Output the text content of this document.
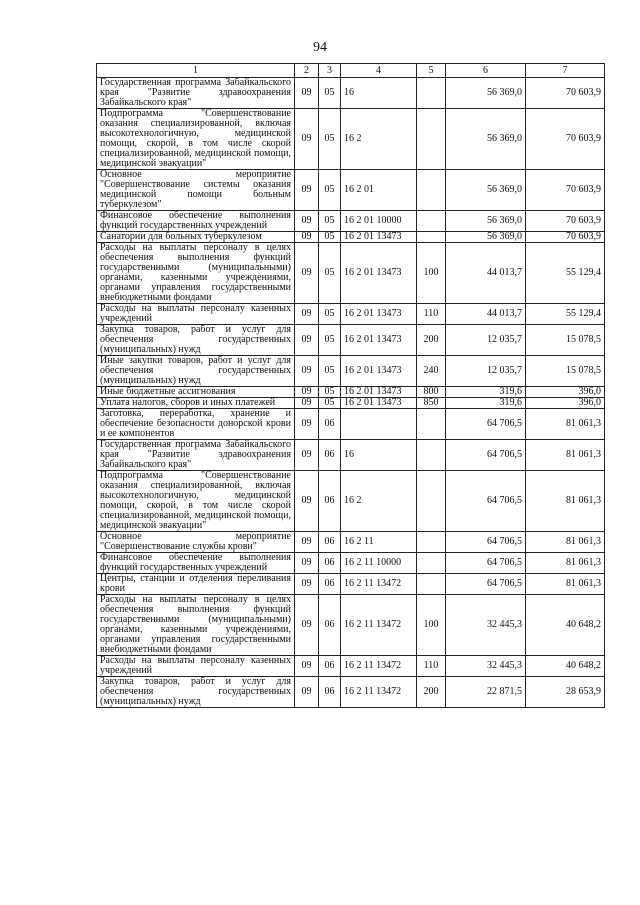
94
1	2	3	4	5	6	7
Государственная программа Забайкальского края "Развитие здравоохранения Забайкальского края"	09	05	16		56 369,0	70 603,9
Подпрограмма "Совершенствование оказания специализированной, включая высокотехнологичную, медицинской помощи, скорой, в том числе скорой специализированной, медицинской помощи, медицинской эвакуации"	09	05	16 2		56 369,0	70 603,9
Основное мероприятие "Совершенствование системы оказания медицинской помощи больным туберкулезом"	09	05	16 2 01		56 369,0	70 603,9
Финансовое обеспечение выполнения функций государственных учреждений	09	05	16 2 01 10000		56 369,0	70 603,9
Санатории для больных туберкулезом	09	05	16 2 01 13473		56 369,0	70 603,9
Расходы на выплаты персоналу в целях обеспечения выполнения функций государственными (муниципальными) органами, казенными учреждениями, органами управления государственными внебюджетными фондами	09	05	16 2 01 13473	100	44 013,7	55 129,4
Расходы на выплаты персоналу казенных учреждений	09	05	16 2 01 13473	110	44 013,7	55 129,4
Закупка товаров, работ и услуг для обеспечения государственных (муниципальных) нужд	09	05	16 2 01 13473	200	12 035,7	15 078,5
Иные закупки товаров, работ и услуг для обеспечения государственных (муниципальных) нужд	09	05	16 2 01 13473	240	12 035,7	15 078,5
Иные бюджетные ассигнования	09	05	16 2 01 13473	800	319,6	396,0
Уплата налогов, сборов и иных платежей	09	05	16 2 01 13473	850	319,6	396,0
Заготовка, переработка, хранение и обеспечение безопасности донорской крови и ее компонентов	09	06			64 706,5	81 061,3
Государственная программа Забайкальского края "Развитие здравоохранения Забайкальского края"	09	06	16		64 706,5	81 061,3
Подпрограмма "Совершенствование оказания специализированной, включая высокотехнологичную, медицинской помощи, скорой, в том числе скорой специализированной, медицинской помощи, медицинской эвакуации"	09	06	16 2		64 706,5	81 061,3
Основное мероприятие "Совершенствование службы крови"	09	06	16 2 11		64 706,5	81 061,3
Финансовое обеспечение выполнения функций государственных учреждений	09	06	16 2 11 10000		64 706,5	81 061,3
Центры, станции и отделения переливания крови	09	06	16 2 11 13472		64 706,5	81 061,3
Расходы на выплаты персоналу в целях обеспечения выполнения функций государственными (муниципальными) органами, казенными учреждениями, органами управления государственными внебюджетными фондами	09	06	16 2 11 13472	100	32 445,3	40 648,2
Расходы на выплаты персоналу казенных учреждений	09	06	16 2 11 13472	110	32 445,3	40 648,2
Закупка товаров, работ и услуг для обеспечения государственных (муниципальных) нужд	09	06	16 2 11 13472	200	22 871,5	28 653,9
